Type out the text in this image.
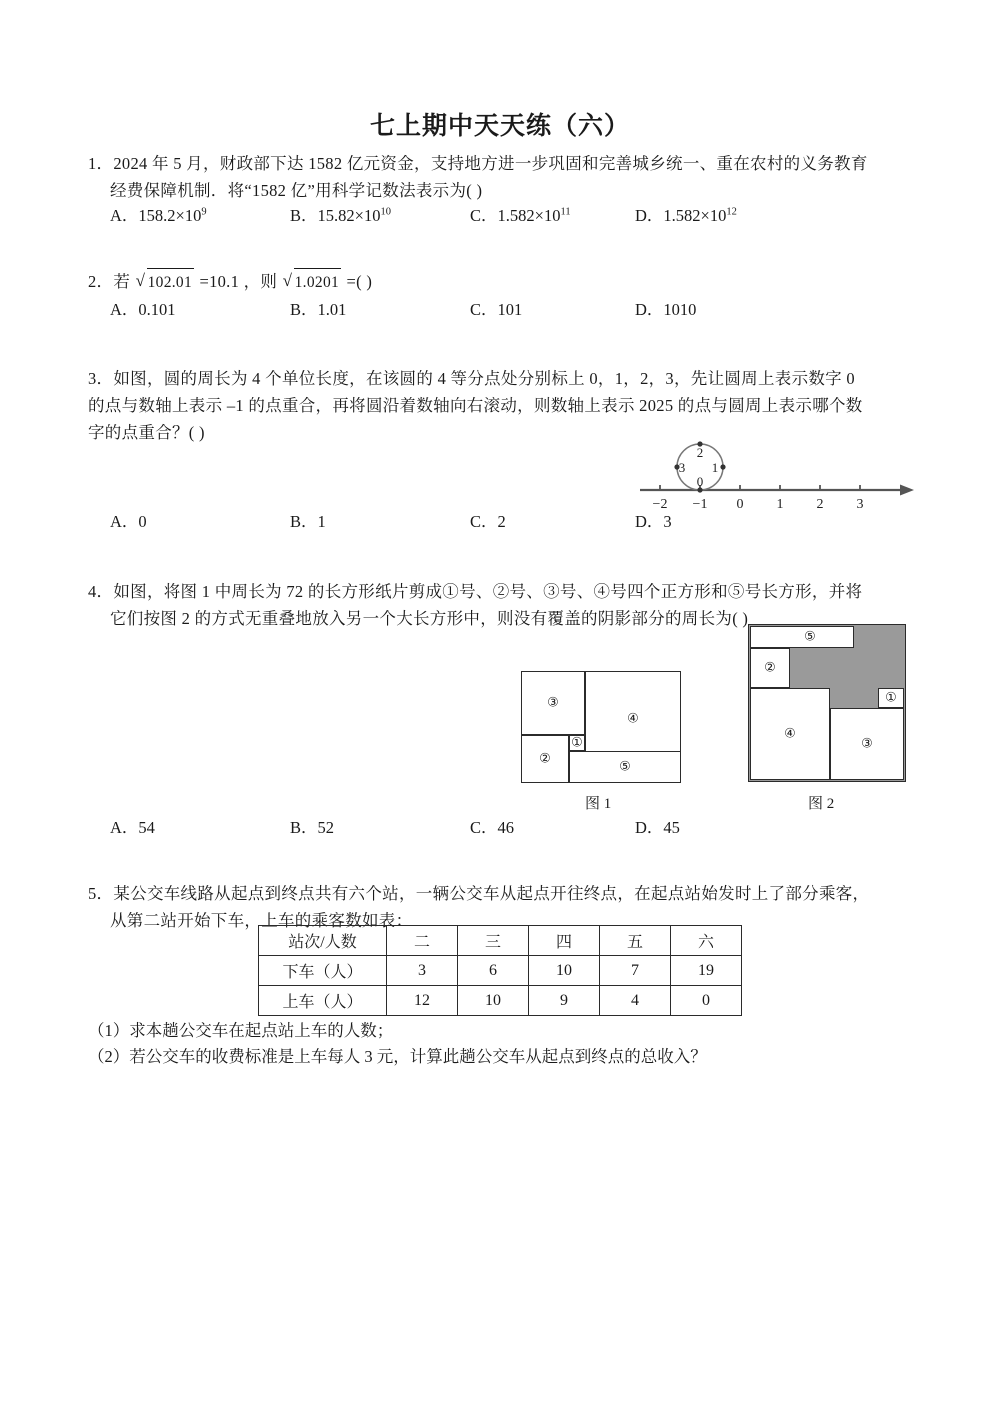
七上期中天天练（六）
1．2024 年 5 月，财政部下达 1582 亿元资金，支持地方进一步巩固和完善城乡统一、重在农村的义务教育
经费保障机制．将“1582 亿”用科学记数法表示为( )
A．$158.2\times 10^9$	B．$15.82\times 10^{10}$	C．$1.582\times 10^{11}$	D．$1.582\times 10^{12}$
2．若 √ 102.01 =10.1 ，则 √ 1.0201 =( )
A．0.101	B．1.01	C．101	D．1010
3．如图，圆的周长为 4 个单位长度，在该圆的 4 等分点处分别标上 0，1，2，3，先让圆周上表示数字 0
的点与数轴上表示 –1 的点重合，再将圆沿着数轴向右滚动，则数轴上表示 2025 的点与圆周上表示哪个数
字的点重合？( )
0
1
2
3
−2 −1 0 1 2 3
A．0	B．1	C．2	D．3
4．如图，将图 1 中周长为 72 的长方形纸片剪成①号、②号、③号、④号四个正方形和⑤号长方形，并将
它们按图 2 的方式无重叠地放入另一个大长方形中，则没有覆盖的阴影部分的周长为( )
③
④
②
①
⑤
图 1
⑤
②
④
③
①
图 2
A．54	B．52	C．46	D．45
5．某公交车线路从起点到终点共有六个站，一辆公交车从起点开往终点，在起点站始发时上了部分乘客，
从第二站开始下车，上车的乘客数如表：
站次/人数	二	三	四	五	六
下车（人）	3	6	10	7	19
上车（人）	12	10	9	4	0
（1）求本趟公交车在起点站上车的人数；
（2）若公交车的收费标准是上车每人 3 元，计算此趟公交车从起点到终点的总收入？
